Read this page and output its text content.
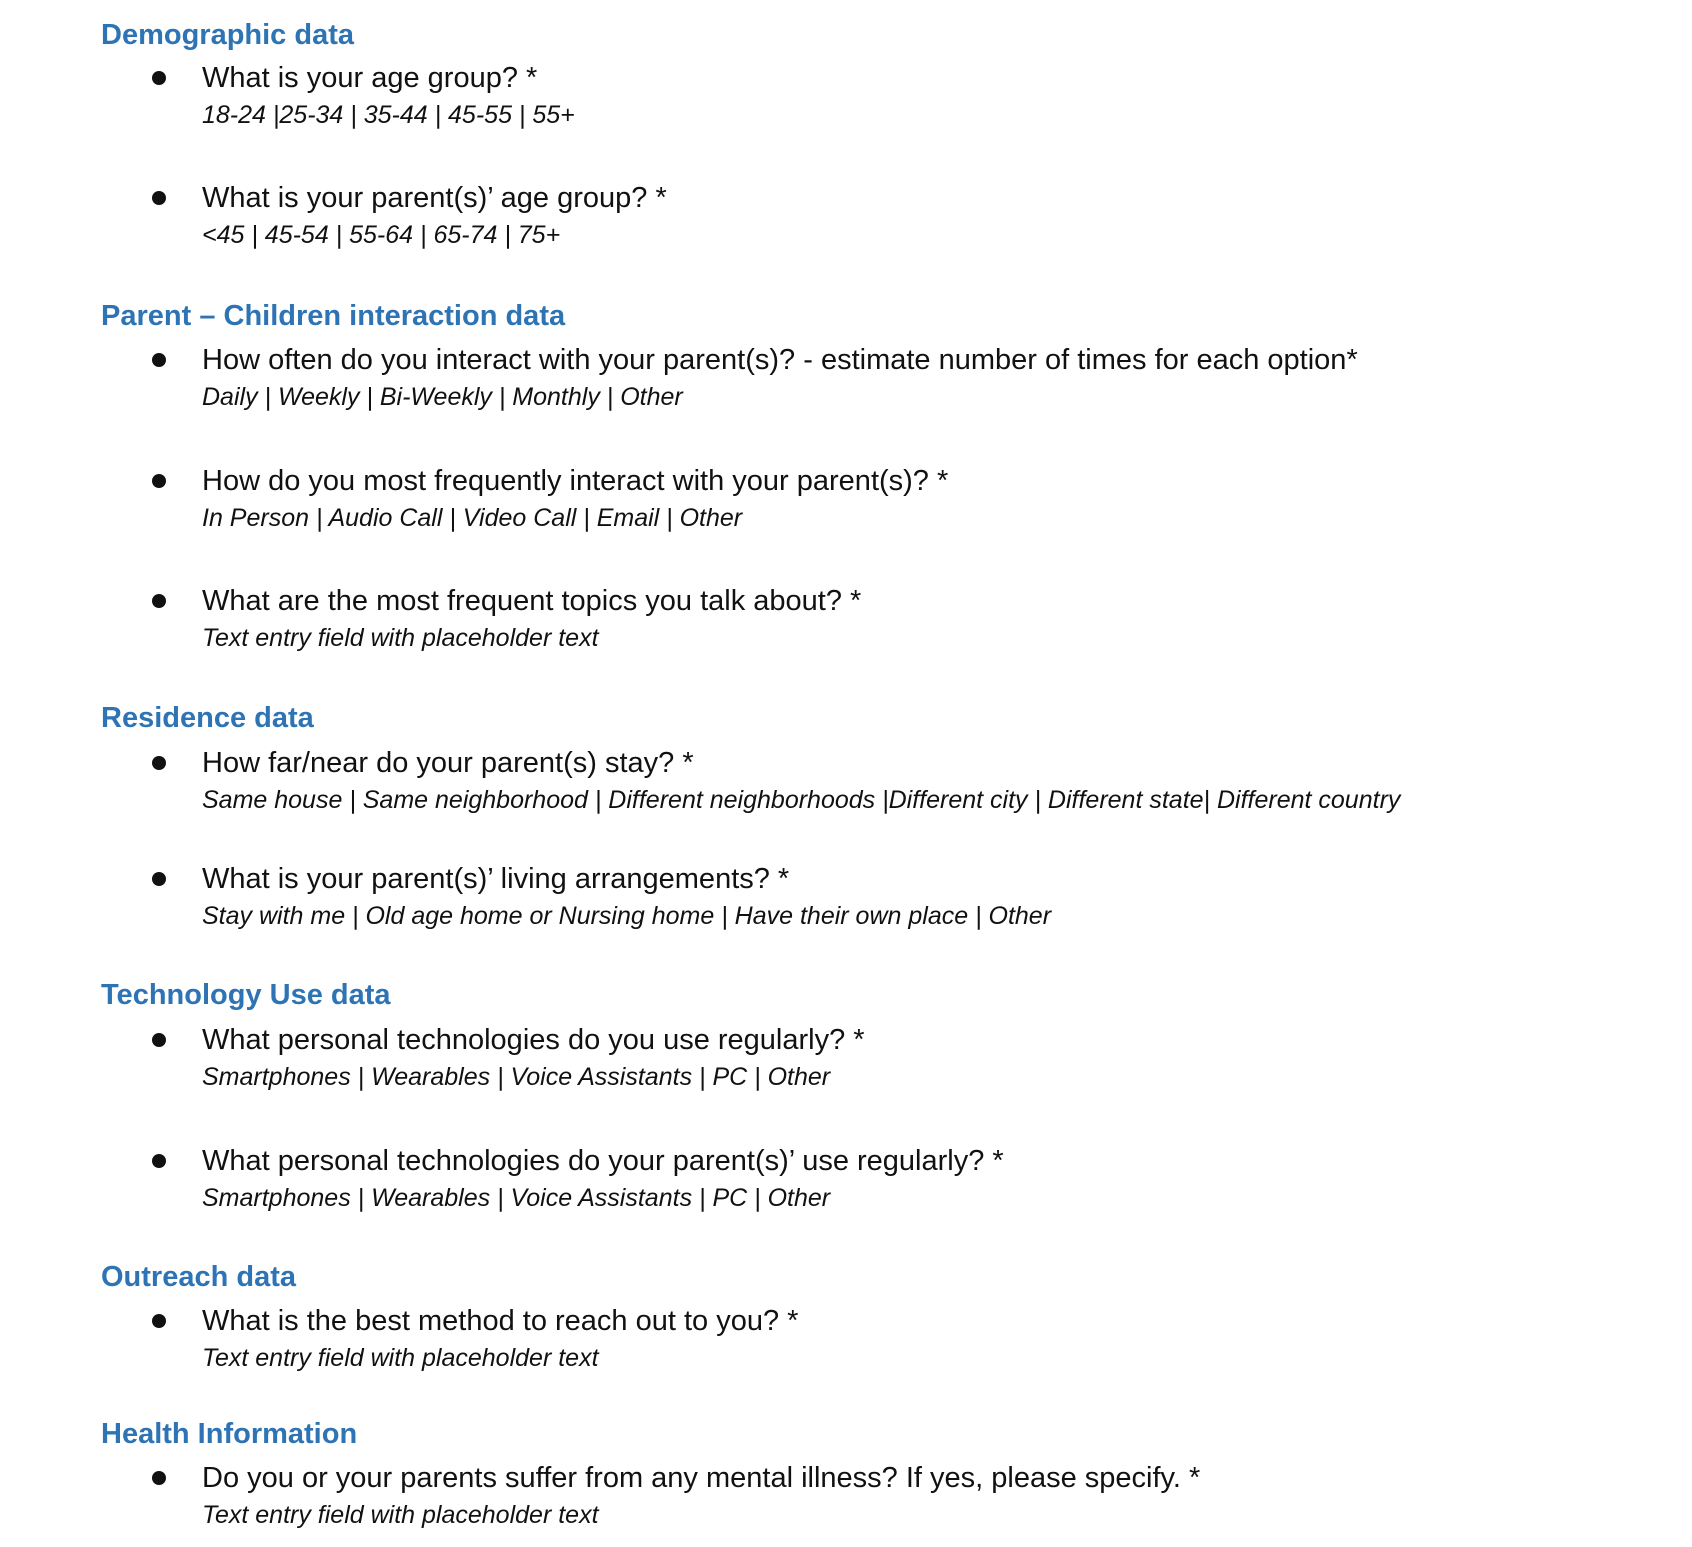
Demographic data

What is your age group? *

18-24 |25-34 | 35-44 | 45-55 | 55+

What is your parent(s)’ age group? *

<45 | 45-54 | 55-64 | 65-74 | 75+

Parent – Children interaction data

How often do you interact with your parent(s)? - estimate number of times for each option*

Daily | Weekly | Bi-Weekly | Monthly | Other

How do you most frequently interact with your parent(s)? *

In Person | Audio Call | Video Call | Email | Other

What are the most frequent topics you talk about? *

Text entry field with placeholder text

Residence data

How far/near do your parent(s) stay? *

Same house | Same neighborhood | Different neighborhoods |Different city | Different state| Different country

What is your parent(s)’ living arrangements? *

Stay with me | Old age home or Nursing home | Have their own place | Other

Technology Use data

What personal technologies do you use regularly? *

Smartphones | Wearables | Voice Assistants | PC | Other

What personal technologies do your parent(s)’ use regularly? *

Smartphones | Wearables | Voice Assistants | PC | Other

Outreach data

What is the best method to reach out to you? *

Text entry field with placeholder text

Health Information

Do you or your parents suffer from any mental illness? If yes, please specify. *

Text entry field with placeholder text
